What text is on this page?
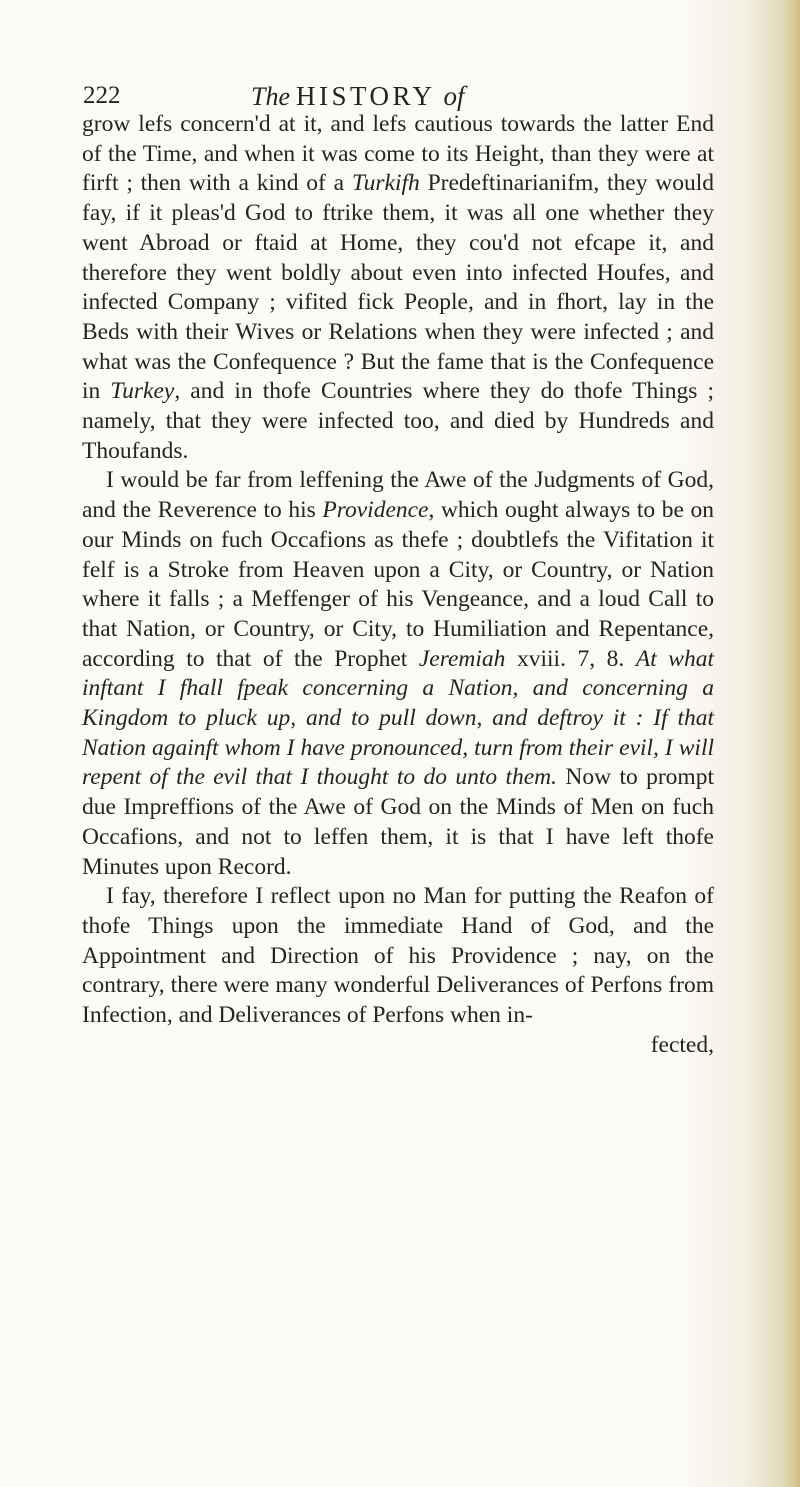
222	The HISTORY of

grow lefs concern'd at it, and lefs cautious towards the latter End of the Time, and when it was come to its Height, than they were at firft ; then with a kind of a Turkifh Predeftinarianifm, they would fay, if it pleas'd God to ftrike them, it was all one whether they went Abroad or ftaid at Home, they cou'd not efcape it, and therefore they went boldly about even into infected Houfes, and infected Company ; vifited fick People, and in fhort, lay in the Beds with their Wives or Relations when they were infected ; and what was the Confequence ? But the fame that is the Confequence in Turkey, and in thofe Countries where they do thofe Things ; namely, that they were infected too, and died by Hundreds and Thoufands.

I would be far from leffening the Awe of the Judgments of God, and the Reverence to his Providence, which ought always to be on our Minds on fuch Occafions as thefe ; doubtlefs the Vifitation it felf is a Stroke from Heaven upon a City, or Country, or Nation where it falls ; a Meffenger of his Vengeance, and a loud Call to that Nation, or Country, or City, to Humiliation and Repentance, according to that of the Prophet Jeremiah xviii. 7, 8. At what inftant I fhall fpeak concerning a Nation, and concerning a Kingdom to pluck up, and to pull down, and deftroy it : If that Nation againft whom I have pronounced, turn from their evil, I will repent of the evil that I thought to do unto them. Now to prompt due Impreffions of the Awe of God on the Minds of Men on fuch Occafions, and not to leffen them, it is that I have left thofe Minutes upon Record.

I fay, therefore I reflect upon no Man for putting the Reafon of thofe Things upon the immediate Hand of God, and the Appointment and Direction of his Providence ; nay, on the contrary, there were many wonderful Deliverances of Perfons from Infection, and Deliverances of Perfons when in-

fected,
